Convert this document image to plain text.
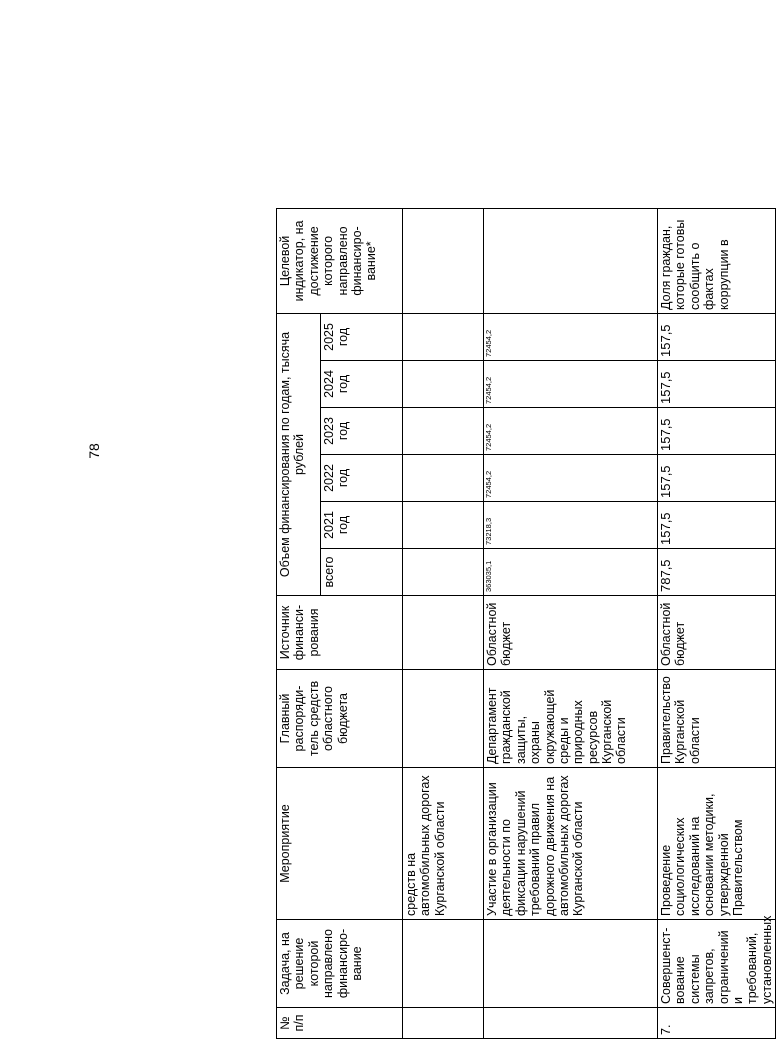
78
№ п/п	Задача, на решение которой направлено финансиро-вание	Мероприятие	Главный распоряди-тель средств областного бюджета	Источник финанси-рования	Объем финансирования по годам, тысяча рублей						Целевой индикатор, на достижение которого направлено финансиро-вание*
					всего	2021 год	2022 год	2023 год	2024 год	2025 год	
		средств на автомобильных дорогах Курганской области									
		Участие в организации деятельности по фиксации нарушений требований правил дорожного движения на автомобильных дорогах Курганской области	Департамент гражданской защиты, охраны окружающей среды и природных ресурсов Курганской области	Областной бюджет	363035,1	73218,3	72454,2	72454,2	72454,2	72454,2	
7.	Совершенст-вование системы запретов, ограничений и требований, установленных	Проведение социологических исследований на основании методики, утвержденной Правительством	Правительство Курганской области	Областной бюджет	787,5	157,5	157,5	157,5	157,5	157,5	Доля граждан, которые готовы сообщить о фактах коррупции в
